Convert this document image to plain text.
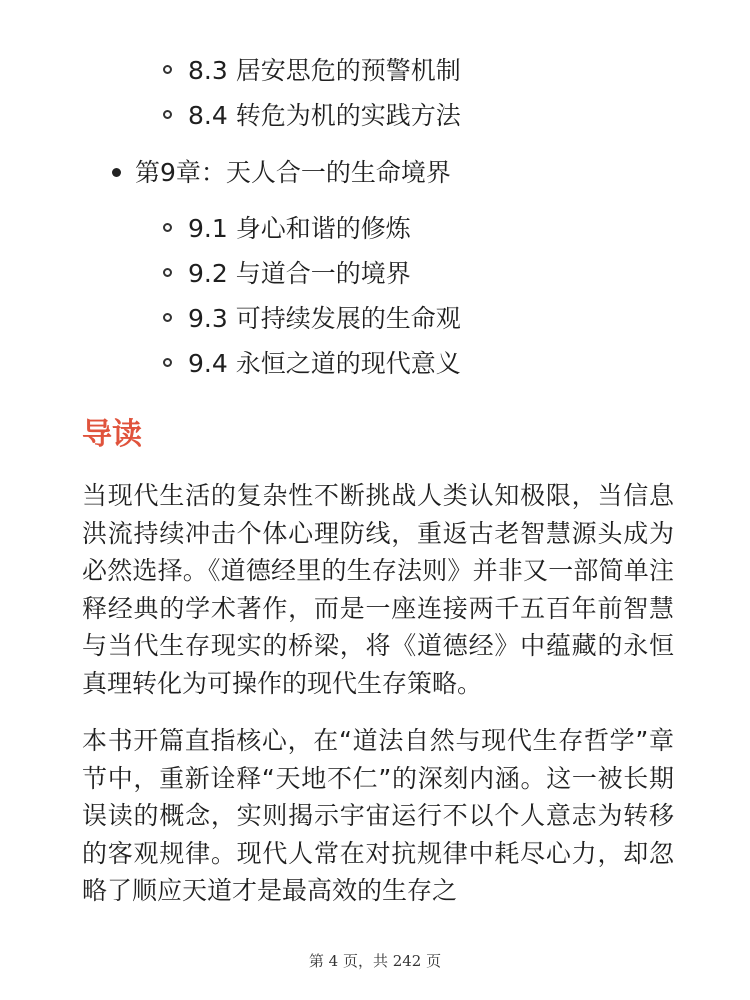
8.3 居安思危的预警机制
8.4 转危为机的实践方法
第9章：天人合一的生命境界
9.1 身心和谐的修炼
9.2 与道合一的境界
9.3 可持续发展的生命观
9.4 永恒之道的现代意义
导读

当现代生活的复杂性不断挑战人类认知极限，当信息洪流持续冲击个体心理防线，重返古老智慧源头成为必然选择。《道德经里的生存法则》并非又一部简单注释经典的学术著作，而是一座连接两千五百年前智慧与当代生存现实的桥梁，将《道德经》中蕴藏的永恒真理转化为可操作的现代生存策略。

本书开篇直指核心，在“道法自然与现代生存哲学”章节中，重新诠释“天地不仁”的深刻内涵。这一被长期误读的概念，实则揭示宇宙运行不以个人意志为转移的客观规律。现代人常在对抗规律中耗尽心力，却忽略了顺应天道才是最高效的生存之

第 4 页，共 242 页
